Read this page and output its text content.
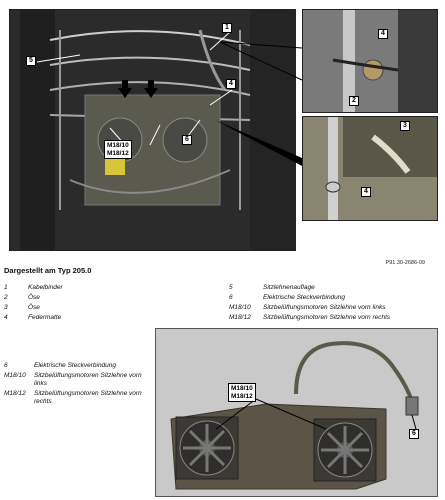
1
5
4
6
M18/10
M18/12
4
2
3
4
P91.30-2686-09
Dargestellt am Typ 205.0
1	Kabelbinder
2	Öse
3	Öse
4	Federmatte
5	Sitzlehnenauflage
6	Elektrische Steckverbindung
M18/10	Sitzbelüftungsmotoren Sitzlehne vorn links
M18/12	Sitzbelüftungsmotoren Sitzlehne vorn rechts
6	Elektrische Steckverbindung
M18/10	Sitzbelüftungsmotoren Sitzlehne vorn links
M18/12	Sitzbelüftungsmotoren Sitzlehne vorn rechts
M18/10
M18/12
6
